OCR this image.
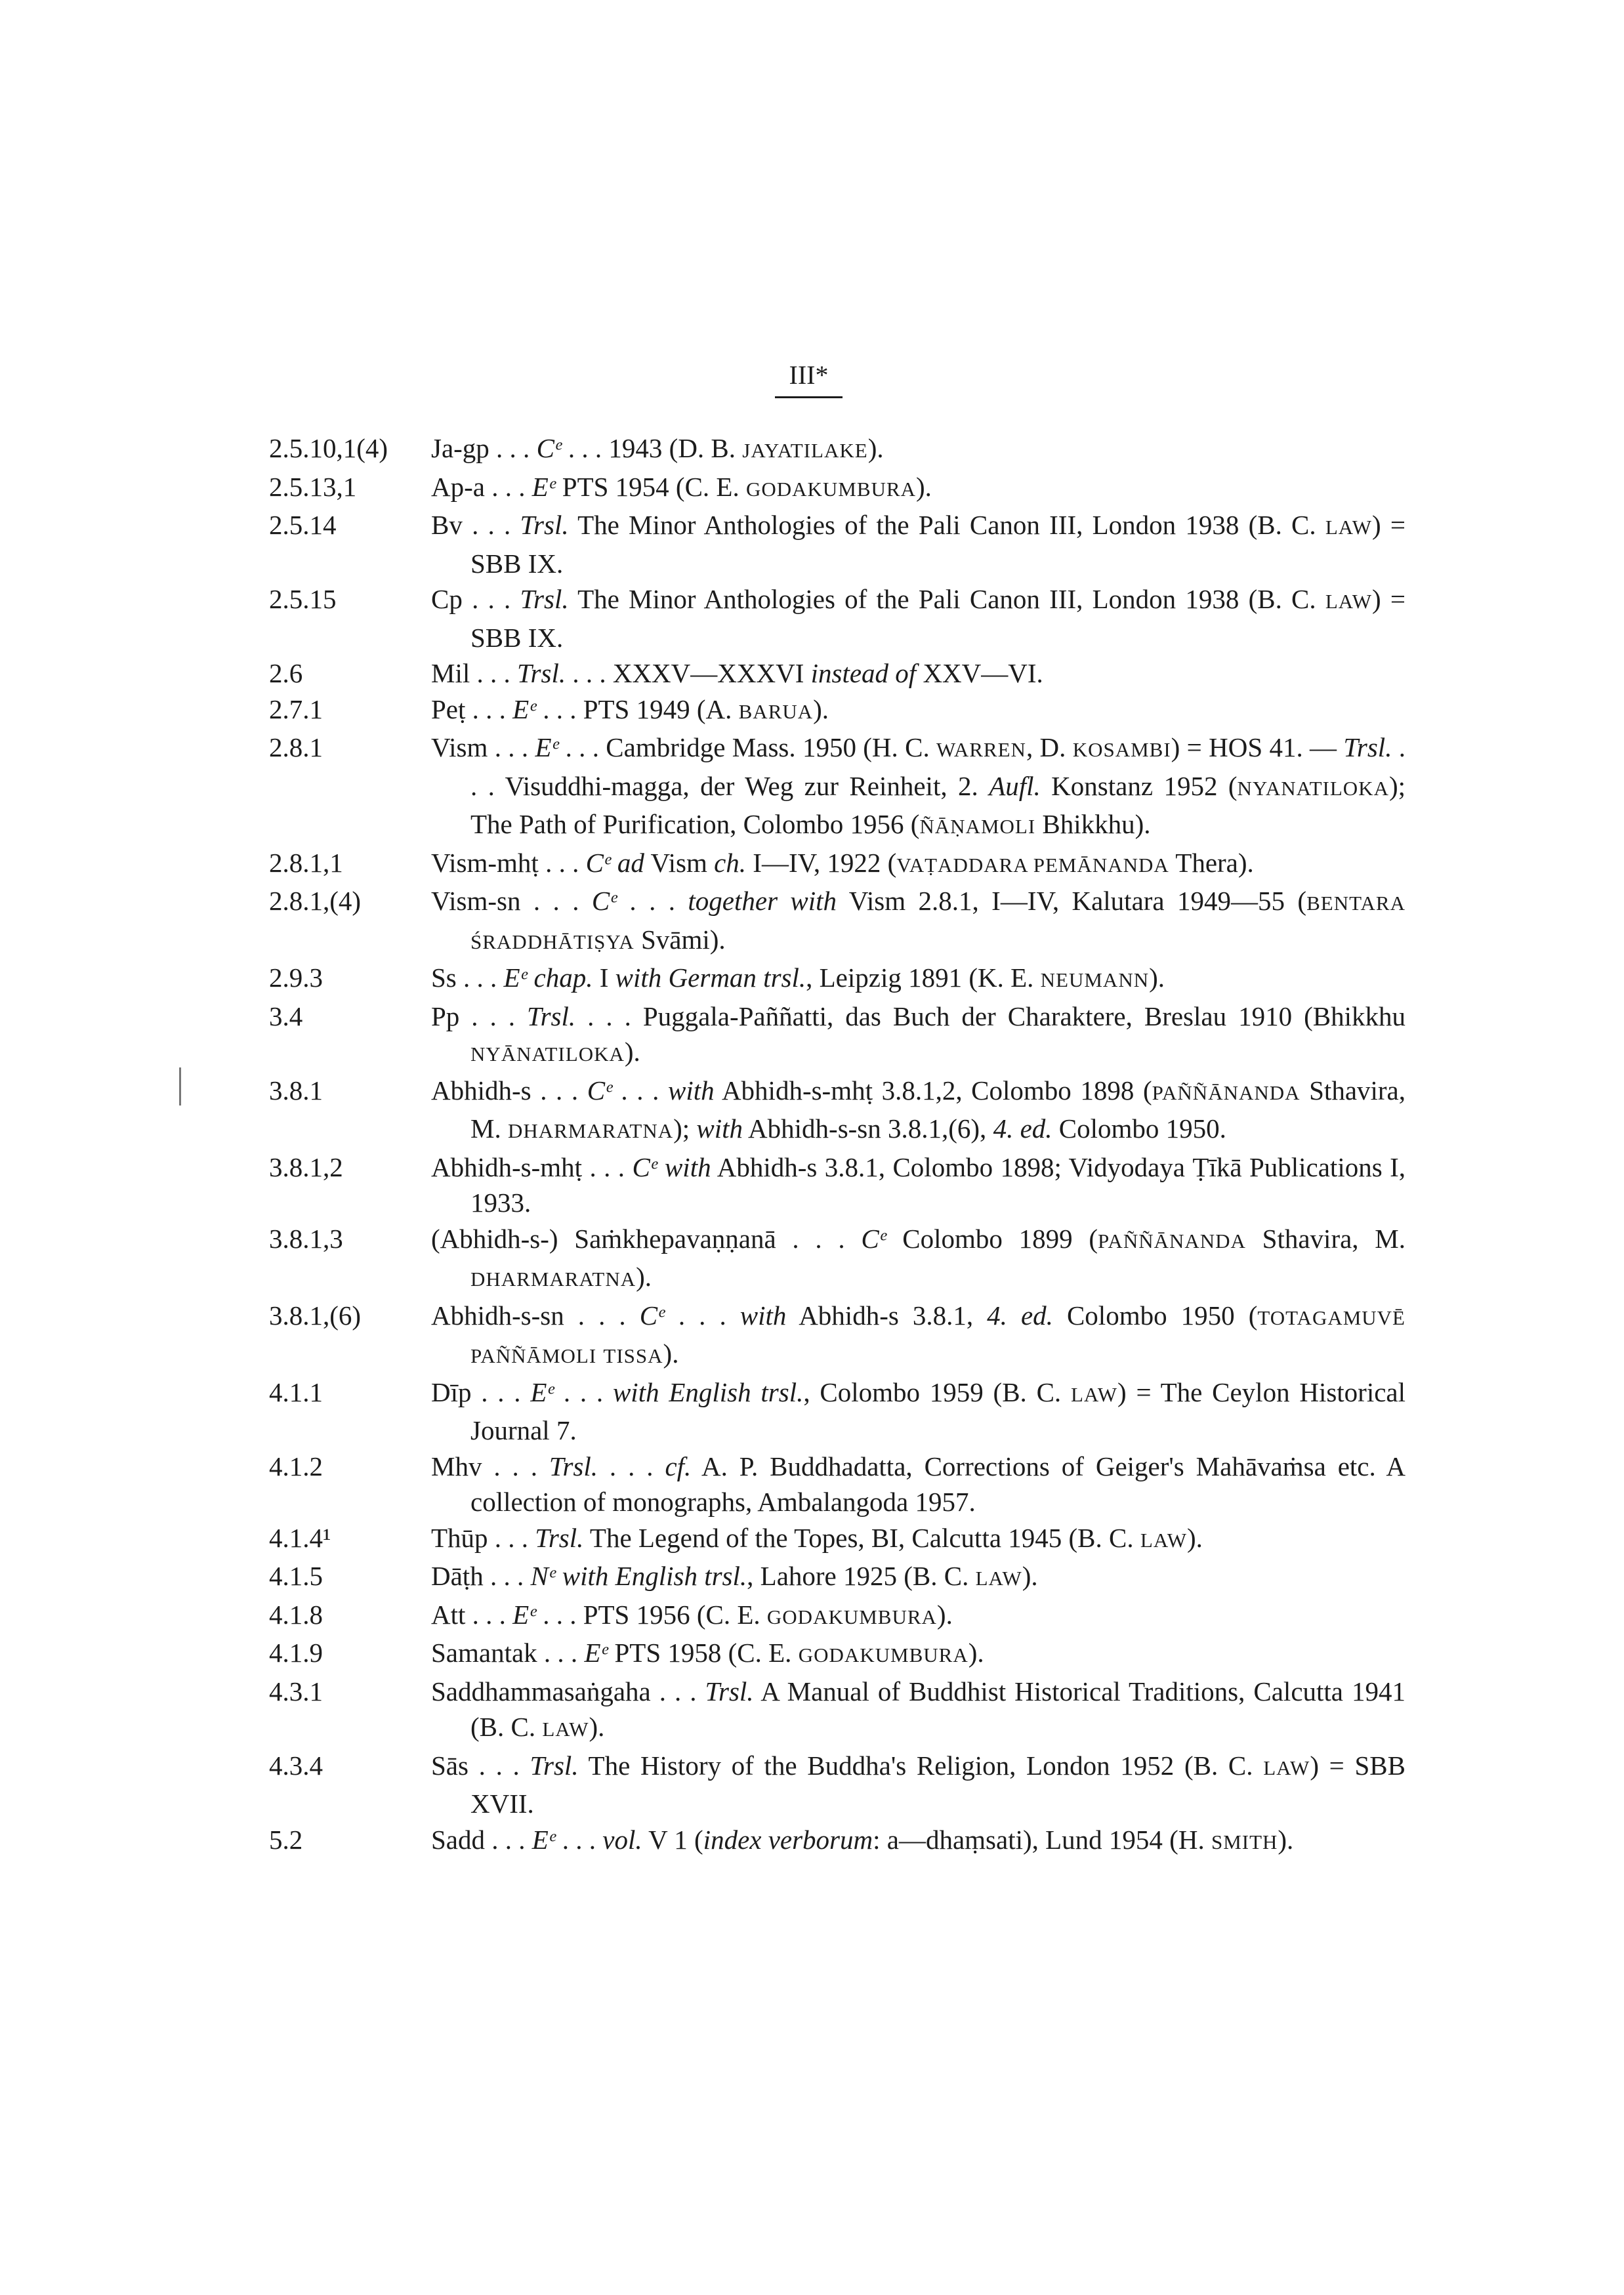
III*
2.5.10,1(4)	Ja-gp . . . Cᵉ . . . 1943 (D. B. JAYATILAKE).
2.5.13,1	Ap-a . . . Eᵉ PTS 1954 (C. E. GODAKUMBURA).
2.5.14	Bv . . . Trsl. The Minor Anthologies of the Pali Canon III, London 1938 (B. C. LAW) = SBB IX.
2.5.15	Cp . . . Trsl. The Minor Anthologies of the Pali Canon III, London 1938 (B. C. LAW) = SBB IX.
2.6	Mil . . . Trsl. . . . XXXV—XXXVI instead of XXV—VI.
2.7.1	Peṭ . . . Eᵉ . . . PTS 1949 (A. BARUA).
2.8.1	Vism . . . Eᵉ . . . Cambridge Mass. 1950 (H. C. WARREN, D. KOSAMBI) = HOS 41. — Trsl. . . . Visuddhi-magga, der Weg zur Reinheit, 2. Aufl. Konstanz 1952 (NYANATILOKA); The Path of Purification, Colombo 1956 (ÑĀṆAMOLI Bhikkhu).
2.8.1,1	Vism-mhṭ . . . Cᵉ ad Vism ch. I—IV, 1922 (VAṬADDARA PEMĀNANDA Thera).
2.8.1,(4)	Vism-sn . . . Cᵉ . . . together with Vism 2.8.1, I—IV, Kalutara 1949—55 (BENTARA ŚRADDHĀTIṢYA Svāmi).
2.9.3	Ss . . . Eᵉ chap. I with German trsl., Leipzig 1891 (K. E. NEUMANN).
3.4	Pp . . . Trsl. . . . Puggala-Paññatti, das Buch der Charaktere, Breslau 1910 (Bhikkhu NYĀNATILOKA).
3.8.1	Abhidh-s . . . Cᵉ . . . with Abhidh-s-mhṭ 3.8.1,2, Colombo 1898 (PAÑÑĀNANDA Sthavira, M. DHARMARATNA); with Abhidh-s-sn 3.8.1,(6), 4. ed. Colombo 1950.
3.8.1,2	Abhidh-s-mhṭ . . . Cᵉ with Abhidh-s 3.8.1, Colombo 1898; Vidyodaya Ṭīkā Publications I, 1933.
3.8.1,3	(Abhidh-s-) Saṁkhepavaṇṇanā . . . Cᵉ Colombo 1899 (PAÑÑĀNANDA Sthavira, M. DHARMARATNA).
3.8.1,(6)	Abhidh-s-sn . . . Cᵉ . . . with Abhidh-s 3.8.1, 4. ed. Colombo 1950 (TOTAGAMUVĒ PAÑÑĀMOLI TISSA).
4.1.1	Dīp . . . Eᵉ . . . with English trsl., Colombo 1959 (B. C. LAW) = The Ceylon Historical Journal 7.
4.1.2	Mhv . . . Trsl. . . . cf. A. P. Buddhadatta, Corrections of Geiger's Mahāvaṁsa etc. A collection of monographs, Ambalangoda 1957.
4.1.4¹	Thūp . . . Trsl. The Legend of the Topes, BI, Calcutta 1945 (B. C. LAW).
4.1.5	Dāṭh . . . Nᵉ with English trsl., Lahore 1925 (B. C. LAW).
4.1.8	Att . . . Eᵉ . . . PTS 1956 (C. E. GODAKUMBURA).
4.1.9	Samantak . . . Eᵉ PTS 1958 (C. E. GODAKUMBURA).
4.3.1	Saddhammasaṅgaha . . . Trsl. A Manual of Buddhist Historical Traditions, Calcutta 1941 (B. C. LAW).
4.3.4	Sās . . . Trsl. The History of the Buddha's Religion, London 1952 (B. C. LAW) = SBB XVII.
5.2	Sadd . . . Eᵉ . . . vol. V 1 (index verborum: a—dhaṃsati), Lund 1954 (H. SMITH).
